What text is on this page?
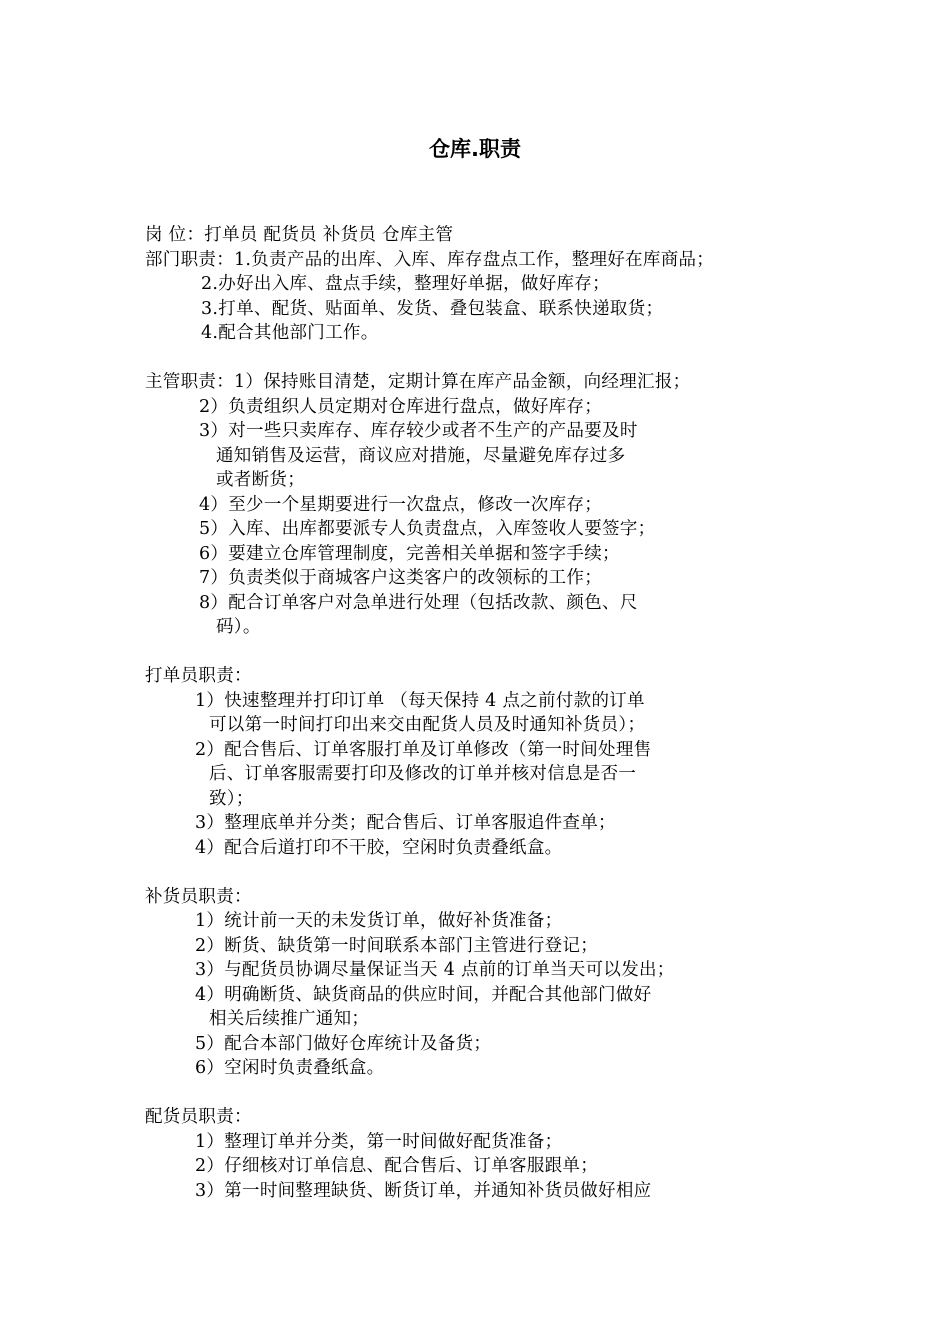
仓库.职责
岗 位：打单员 配货员 补货员 仓库主管
部门职责：1.负责产品的出库、入库、库存盘点工作，整理好在库商品；
2.办好出入库、盘点手续，整理好单据，做好库存；
3.打单、配货、贴面单、发货、叠包装盒、联系快递取货；
4.配合其他部门工作。
主管职责：1）保持账目清楚，定期计算在库产品金额，向经理汇报；
2）负责组织人员定期对仓库进行盘点，做好库存；
3）对一些只卖库存、库存较少或者不生产的产品要及时
通知销售及运营，商议应对措施，尽量避免库存过多
或者断货；
4）至少一个星期要进行一次盘点，修改一次库存；
5）入库、出库都要派专人负责盘点，入库签收人要签字；
6）要建立仓库管理制度，完善相关单据和签字手续；
7）负责类似于商城客户这类客户的改领标的工作；
8）配合订单客户对急单进行处理（包括改款、颜色、尺
码）。
打单员职责：
1）快速整理并打印订单 （每天保持 4 点之前付款的订单
可以第一时间打印出来交由配货人员及时通知补货员）；
2）配合售后、订单客服打单及订单修改（第一时间处理售
后、订单客服需要打印及修改的订单并核对信息是否一
致）；
3）整理底单并分类；配合售后、订单客服追件查单；
4）配合后道打印不干胶，空闲时负责叠纸盒。
补货员职责：
1）统计前一天的未发货订单，做好补货准备；
2）断货、缺货第一时间联系本部门主管进行登记；
3）与配货员协调尽量保证当天 4 点前的订单当天可以发出；
4）明确断货、缺货商品的供应时间，并配合其他部门做好
相关后续推广通知；
5）配合本部门做好仓库统计及备货；
6）空闲时负责叠纸盒。
配货员职责：
1）整理订单并分类，第一时间做好配货准备；
2）仔细核对订单信息、配合售后、订单客服跟单；
3）第一时间整理缺货、断货订单，并通知补货员做好相应
